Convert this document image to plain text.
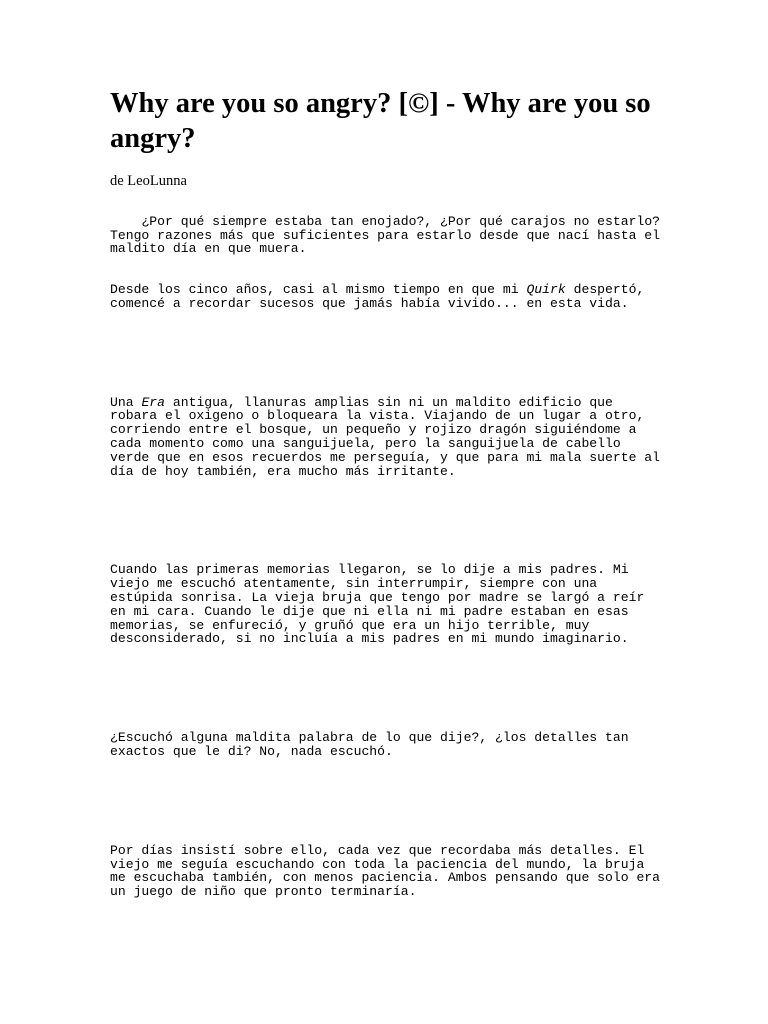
Why are you so angry? [©] - Why are you so angry?
de LeoLunna

¿Por qué siempre estaba tan enojado?, ¿Por qué carajos no estarlo?
Tengo razones más que suficientes para estarlo desde que nací hasta el
maldito día en que muera.

Desde los cinco años, casi al mismo tiempo en que mi Quirk despertó,
comencé a recordar sucesos que jamás había vivido... en esta vida.

Una Era antigua, llanuras amplias sin ni un maldito edificio que
robara el oxigeno o bloqueara la vista. Viajando de un lugar a otro,
corriendo entre el bosque, un pequeño y rojizo dragón siguiéndome a
cada momento como una sanguijuela, pero la sanguijuela de cabello
verde que en esos recuerdos me perseguía, y que para mi mala suerte al
día de hoy también, era mucho más irritante.

Cuando las primeras memorias llegaron, se lo dije a mis padres. Mi
viejo me escuchó atentamente, sin interrumpir, siempre con una
estúpida sonrisa. La vieja bruja que tengo por madre se largó a reír
en mi cara. Cuando le dije que ni ella ni mi padre estaban en esas
memorias, se enfureció, y gruñó que era un hijo terrible, muy
desconsiderado, si no incluía a mis padres en mi mundo imaginario.

¿Escuchó alguna maldita palabra de lo que dije?, ¿los detalles tan
exactos que le di? No, nada escuchó.

Por días insistí sobre ello, cada vez que recordaba más detalles. El
viejo me seguía escuchando con toda la paciencia del mundo, la bruja
me escuchaba también, con menos paciencia. Ambos pensando que solo era
un juego de niño que pronto terminaría.
